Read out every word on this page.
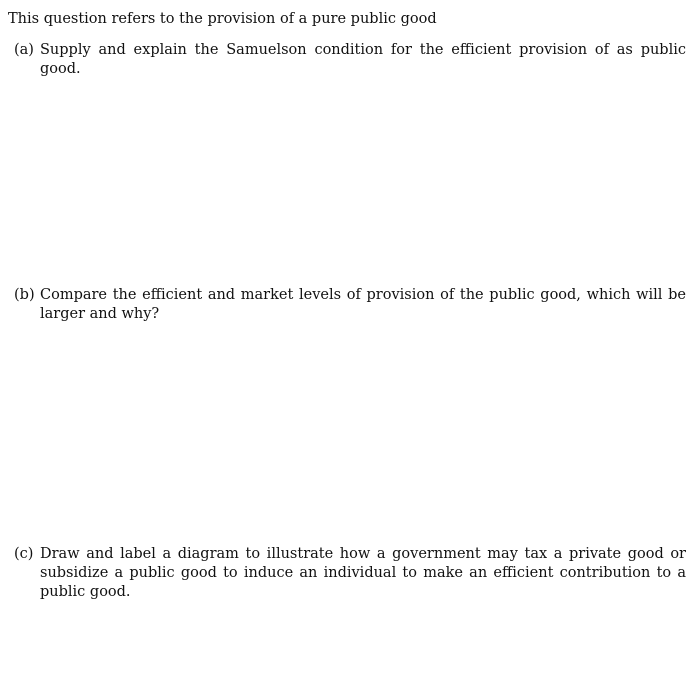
This question refers to the provision of a pure public good
(a) Supply and explain the Samuelson condition for the efficient provision of as public good.
(b) Compare the efficient and market levels of provision of the public good, which will be larger and why?
(c) Draw and label a diagram to illustrate how a government may tax a private good or subsidize a public good to induce an individual to make an efficient contribution to a public good.
